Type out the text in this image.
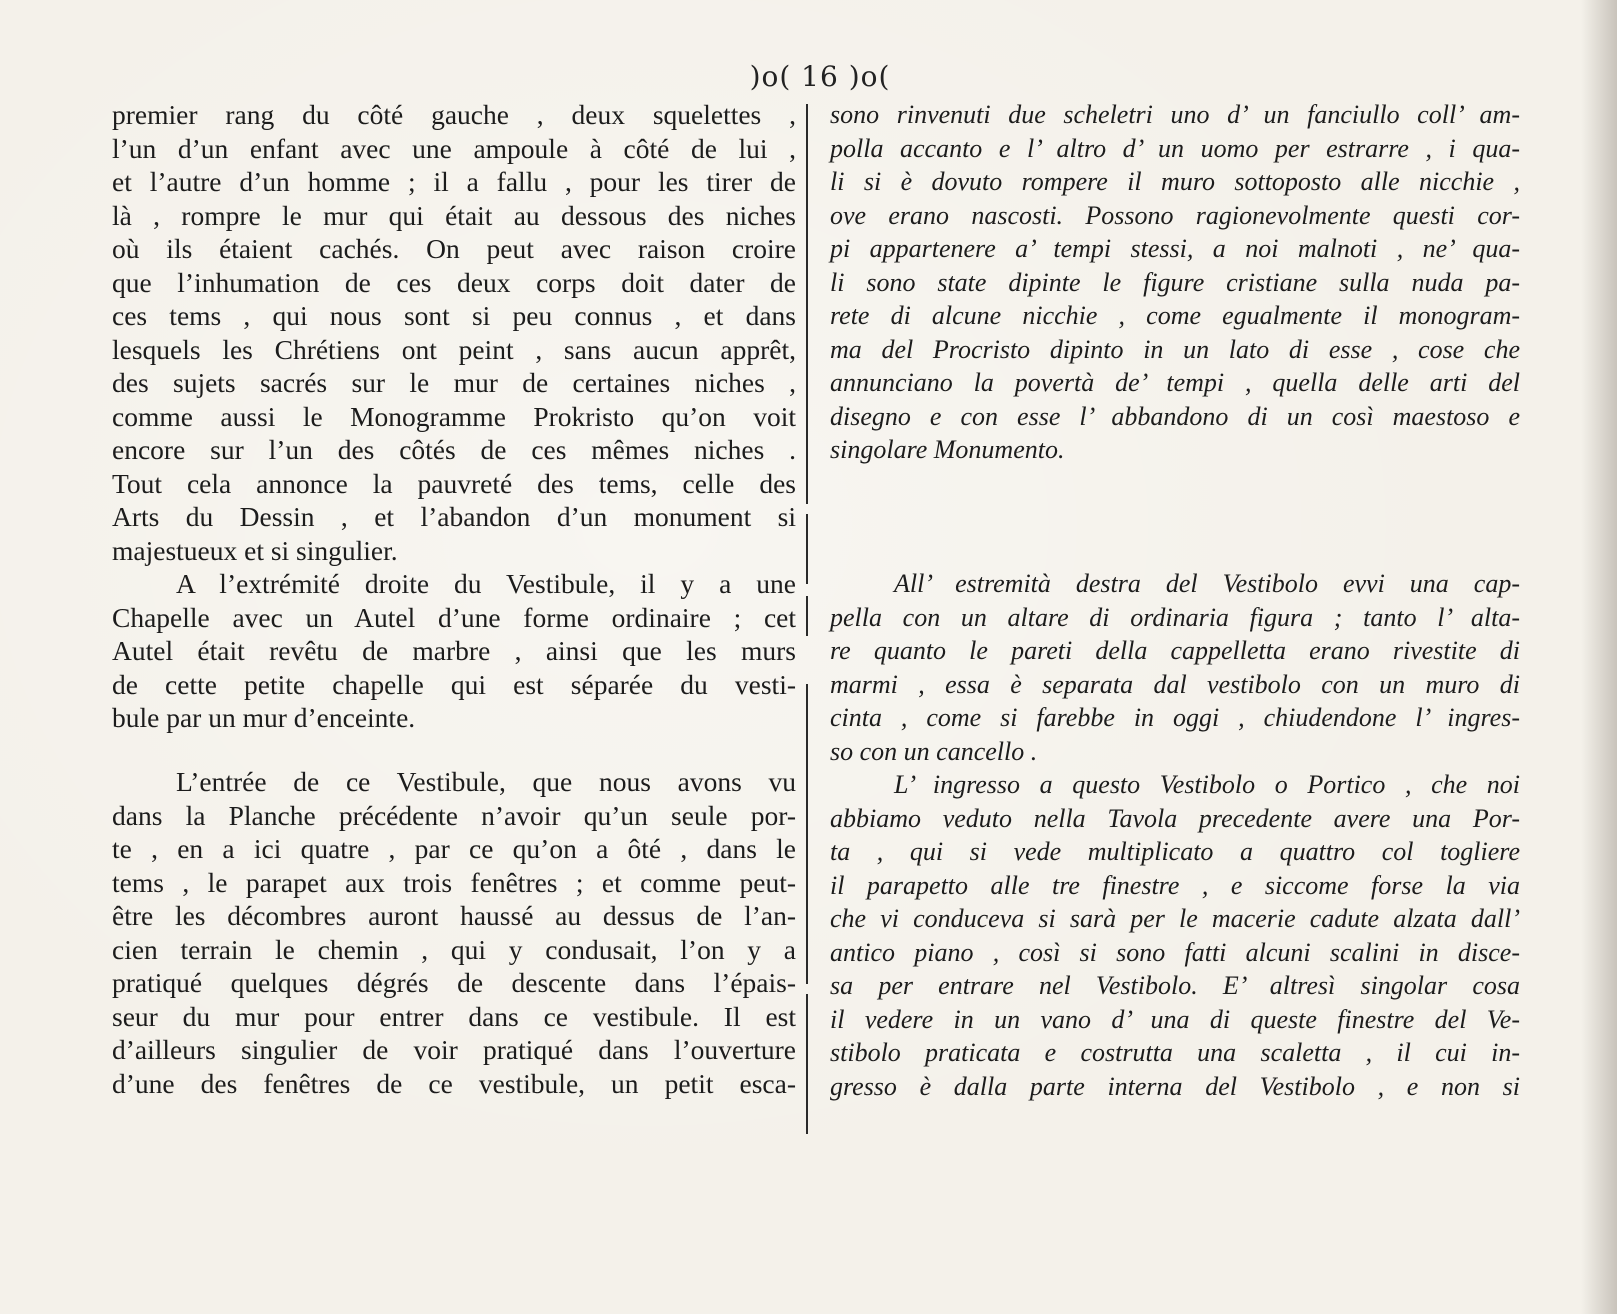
)o( 16 )o(
premier rang du côté gauche , deux squelettes ,
l’un d’un enfant avec une ampoule à côté de lui ,
et l’autre d’un homme ; il a fallu , pour les tirer de
là , rompre le mur qui était au dessous des niches
où ils étaient cachés. On peut avec raison croire
que l’inhumation de ces deux corps doit dater de
ces tems , qui nous sont si peu connus , et dans
lesquels les Chrétiens ont peint , sans aucun apprêt,
des sujets sacrés sur le mur de certaines niches ,
comme aussi le Monogramme Prokristo qu’on voit
encore sur l’un des côtés de ces mêmes niches .
Tout cela annonce la pauvreté des tems, celle des
Arts du Dessin , et l’abandon d’un monument si
majestueux et si singulier.
A l’extrémité droite du Vestibule, il y a une
Chapelle avec un Autel d’une forme ordinaire ; cet
Autel était revêtu de marbre , ainsi que les murs
de cette petite chapelle qui est séparée du vesti-
bule par un mur d’enceinte.
L’entrée de ce Vestibule, que nous avons vu
dans la Planche précédente n’avoir qu’un seule por-
te , en a ici quatre , par ce qu’on a ôté , dans le
tems , le parapet aux trois fenêtres ; et comme peut-
être les décombres auront haussé au dessus de l’an-
cien terrain le chemin , qui y condusait, l’on y a
pratiqué quelques dégrés de descente dans l’épais-
seur du mur pour entrer dans ce vestibule. Il est
d’ailleurs singulier de voir pratiqué dans l’ouverture
d’une des fenêtres de ce vestibule, un petit esca-
sono rinvenuti due scheletri uno d’ un fanciullo coll’ am-
polla accanto e l’ altro d’ un uomo per estrarre , i qua-
li si è dovuto rompere il muro sottoposto alle nicchie ,
ove erano nascosti. Possono ragionevolmente questi cor-
pi appartenere a’ tempi stessi, a noi malnoti , ne’ qua-
li sono state dipinte le figure cristiane sulla nuda pa-
rete di alcune nicchie , come egualmente il monogram-
ma del Procristo dipinto in un lato di esse , cose che
annunciano la povertà de’ tempi , quella delle arti del
disegno e con esse l’ abbandono di un così maestoso e
singolare Monumento.
All’ estremità destra del Vestibolo evvi una cap-
pella con un altare di ordinaria figura ; tanto l’ alta-
re quanto le pareti della cappelletta erano rivestite di
marmi , essa è separata dal vestibolo con un muro di
cinta , come si farebbe in oggi , chiudendone l’ ingres-
so con un cancello .
L’ ingresso a questo Vestibolo o Portico , che noi
abbiamo veduto nella Tavola precedente avere una Por-
ta , qui si vede multiplicato a quattro col togliere
il parapetto alle tre finestre , e siccome forse la via
che vi conduceva si sarà per le macerie cadute alzata dall’
antico piano , così si sono fatti alcuni scalini in disce-
sa per entrare nel Vestibolo. E’ altresì singolar cosa
il vedere in un vano d’ una di queste finestre del Ve-
stibolo praticata e costrutta una scaletta , il cui in-
gresso è dalla parte interna del Vestibolo , e non si
